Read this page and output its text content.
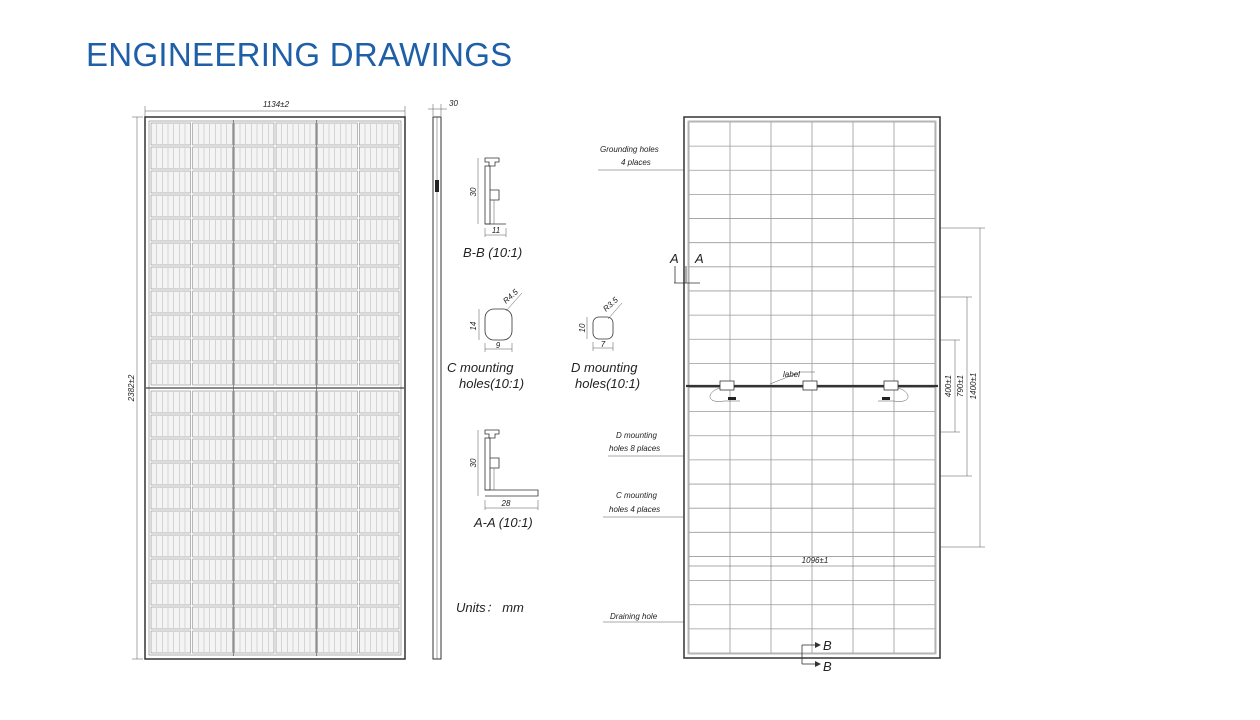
ENGINEERING DRAWINGS
1134±2
2382±2
30
30
11
B-B (10:1)
R4.5
14
9
C mounting
holes(10:1)
R3.5
10
7
D mounting
holes(10:1)
30
28
A-A (10:1)
Units： mm
Grounding holes
4 places
A A
label
D mounting
holes 8 places
C mounting
holes 4 places
Draining hole
1096±1
400±1 790±1 1400±1
B
B
